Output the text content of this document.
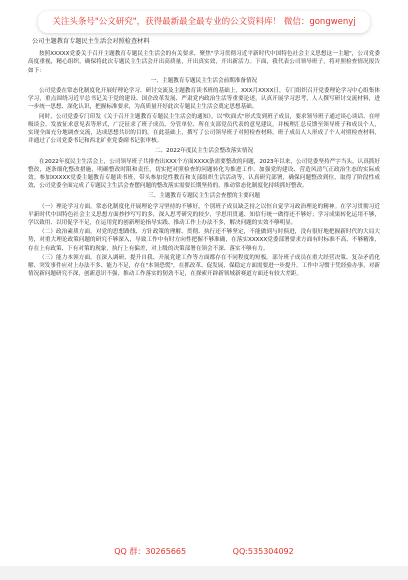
关注头条号"公文研究"，获得最新最全最专业的公文资料库！ 微信：gongwenyj
公司主题教育专题民主生活会对照检查材料
按照XXXXX党委关于召开主题教育专题民主生活会的有关要求，聚焦"学习贯彻习近平新时代中国特色社会主义思想这一主题"，公司党委高度重视，精心组织，确保将此次专题民主生活会开出高质量，开出真实效，开出新活力。下面，我代表公司领导班子，将对照检查情况报告如下：
一、主题教育专题民主生活会前期准备情况
公司党委在常态化制度化开展好理论学习、研讨交流及主题教育读书班的基础上，XXX月XXXX日，专门组织召开党委理论学习中心组集体学习，重点围绕习近平总书记关于党的建设、国企改革发展、严肃党内政治生活等重要论述，认真开展学习思考，人人撰写研讨交流材料，进一步统一思想、深化认识，把握标准要求，为高质量开好此次专题民主生活会奠定思想基础。
同时，公司党委专门印发《关于召开主题教育专题民主生活会的通知》，以"吹面式"形式发到班子成员，要求领导班子通过谈心谈话、在呼吸谈会、发放征求意见表等形式，广泛征求了班子成员、分管单位、所在支部党员代表的意见建议，并梳理汇总反馈至领导班子和成员个人，实现全面充分地调查交流，达成思想共识的目的。在此基础上，撰写了公司领导班子对照检查材料，班子成员人人形成了个人对照检查材料，并通过了公司党委书记和西北矿业党委副书记张审核。
二、2022年度民主生活会整改落实情况
在2022年度民主生活会上，公司领导班子共排查出XXX个方面XXXX条需要整改的问题，2023年以来，公司党委坚持严字当头，认真抓好整改，逐条细化整改措施，明确整改时限和责任，切实把对照检查的问题转化为推进工作、加强党的建设、营造风清气正政治生态的实际成效。参加XXXXX党委主题教育专题读书班，带头参加党性教育和支部组织生活活动等，认真研究部署，确保问题整改到位，取得了阶段性成效，公司党委全面完成了专题民主生活会查摆问题的整改落实需要长期坚持的，推动常态化制度化持续抓好整改。
三、主题教育专题民主生活会查摆的主要问题
（一）理论学习方面。常态化制度化开展理论学习坚持的不够好，个别班子成员缺乏持之以恒自觉学习政治理论的精神。在学习贯彻习近平新时代中国特色社会主义思想方面抄抄写写的多，深入思考研究的较少，学思用贯通、知信行统一做得还不够好；学习成果转化运用不够，学以致用、以用促学不足，在运用党的创新理论指导实践、推动工作上办法不多，解决问题的实效不够明显。
（二）政治素质方面。对党的思想路线、方针政策的理解、贯彻、执行还不够坚定，不能做到与时俱进，没有很好地把握新时代的大局大势，对重大理论政策问题的研究不够深入，导致工作中有时方向性把握不够准确，在落实XXXXX党委部署要求方面有时标准不高、不够精准，存在上有政策、下有对策的现象，执行上有偏差，对上级的决策部署在领会不深、落实不够有力。
（三）能力本领方面。在深入调研、提升自我、开展党建工作等方面都存在不同程度的短板。部分班子成员在重大经营决策、复杂矛盾化解、突发事件应对上办法不多、能力不足，存在"本领恐慌"，在抓改革、促发展、保稳定方面需要进一步提升。工作中习惯于凭经验办事，对新情况新问题研究不深，创新意识不强，推动工作落实的韧劲不足，在探索开辟新领域新赛道方面还有较大差距。
QQ 群：30265665	QQ:535304092
